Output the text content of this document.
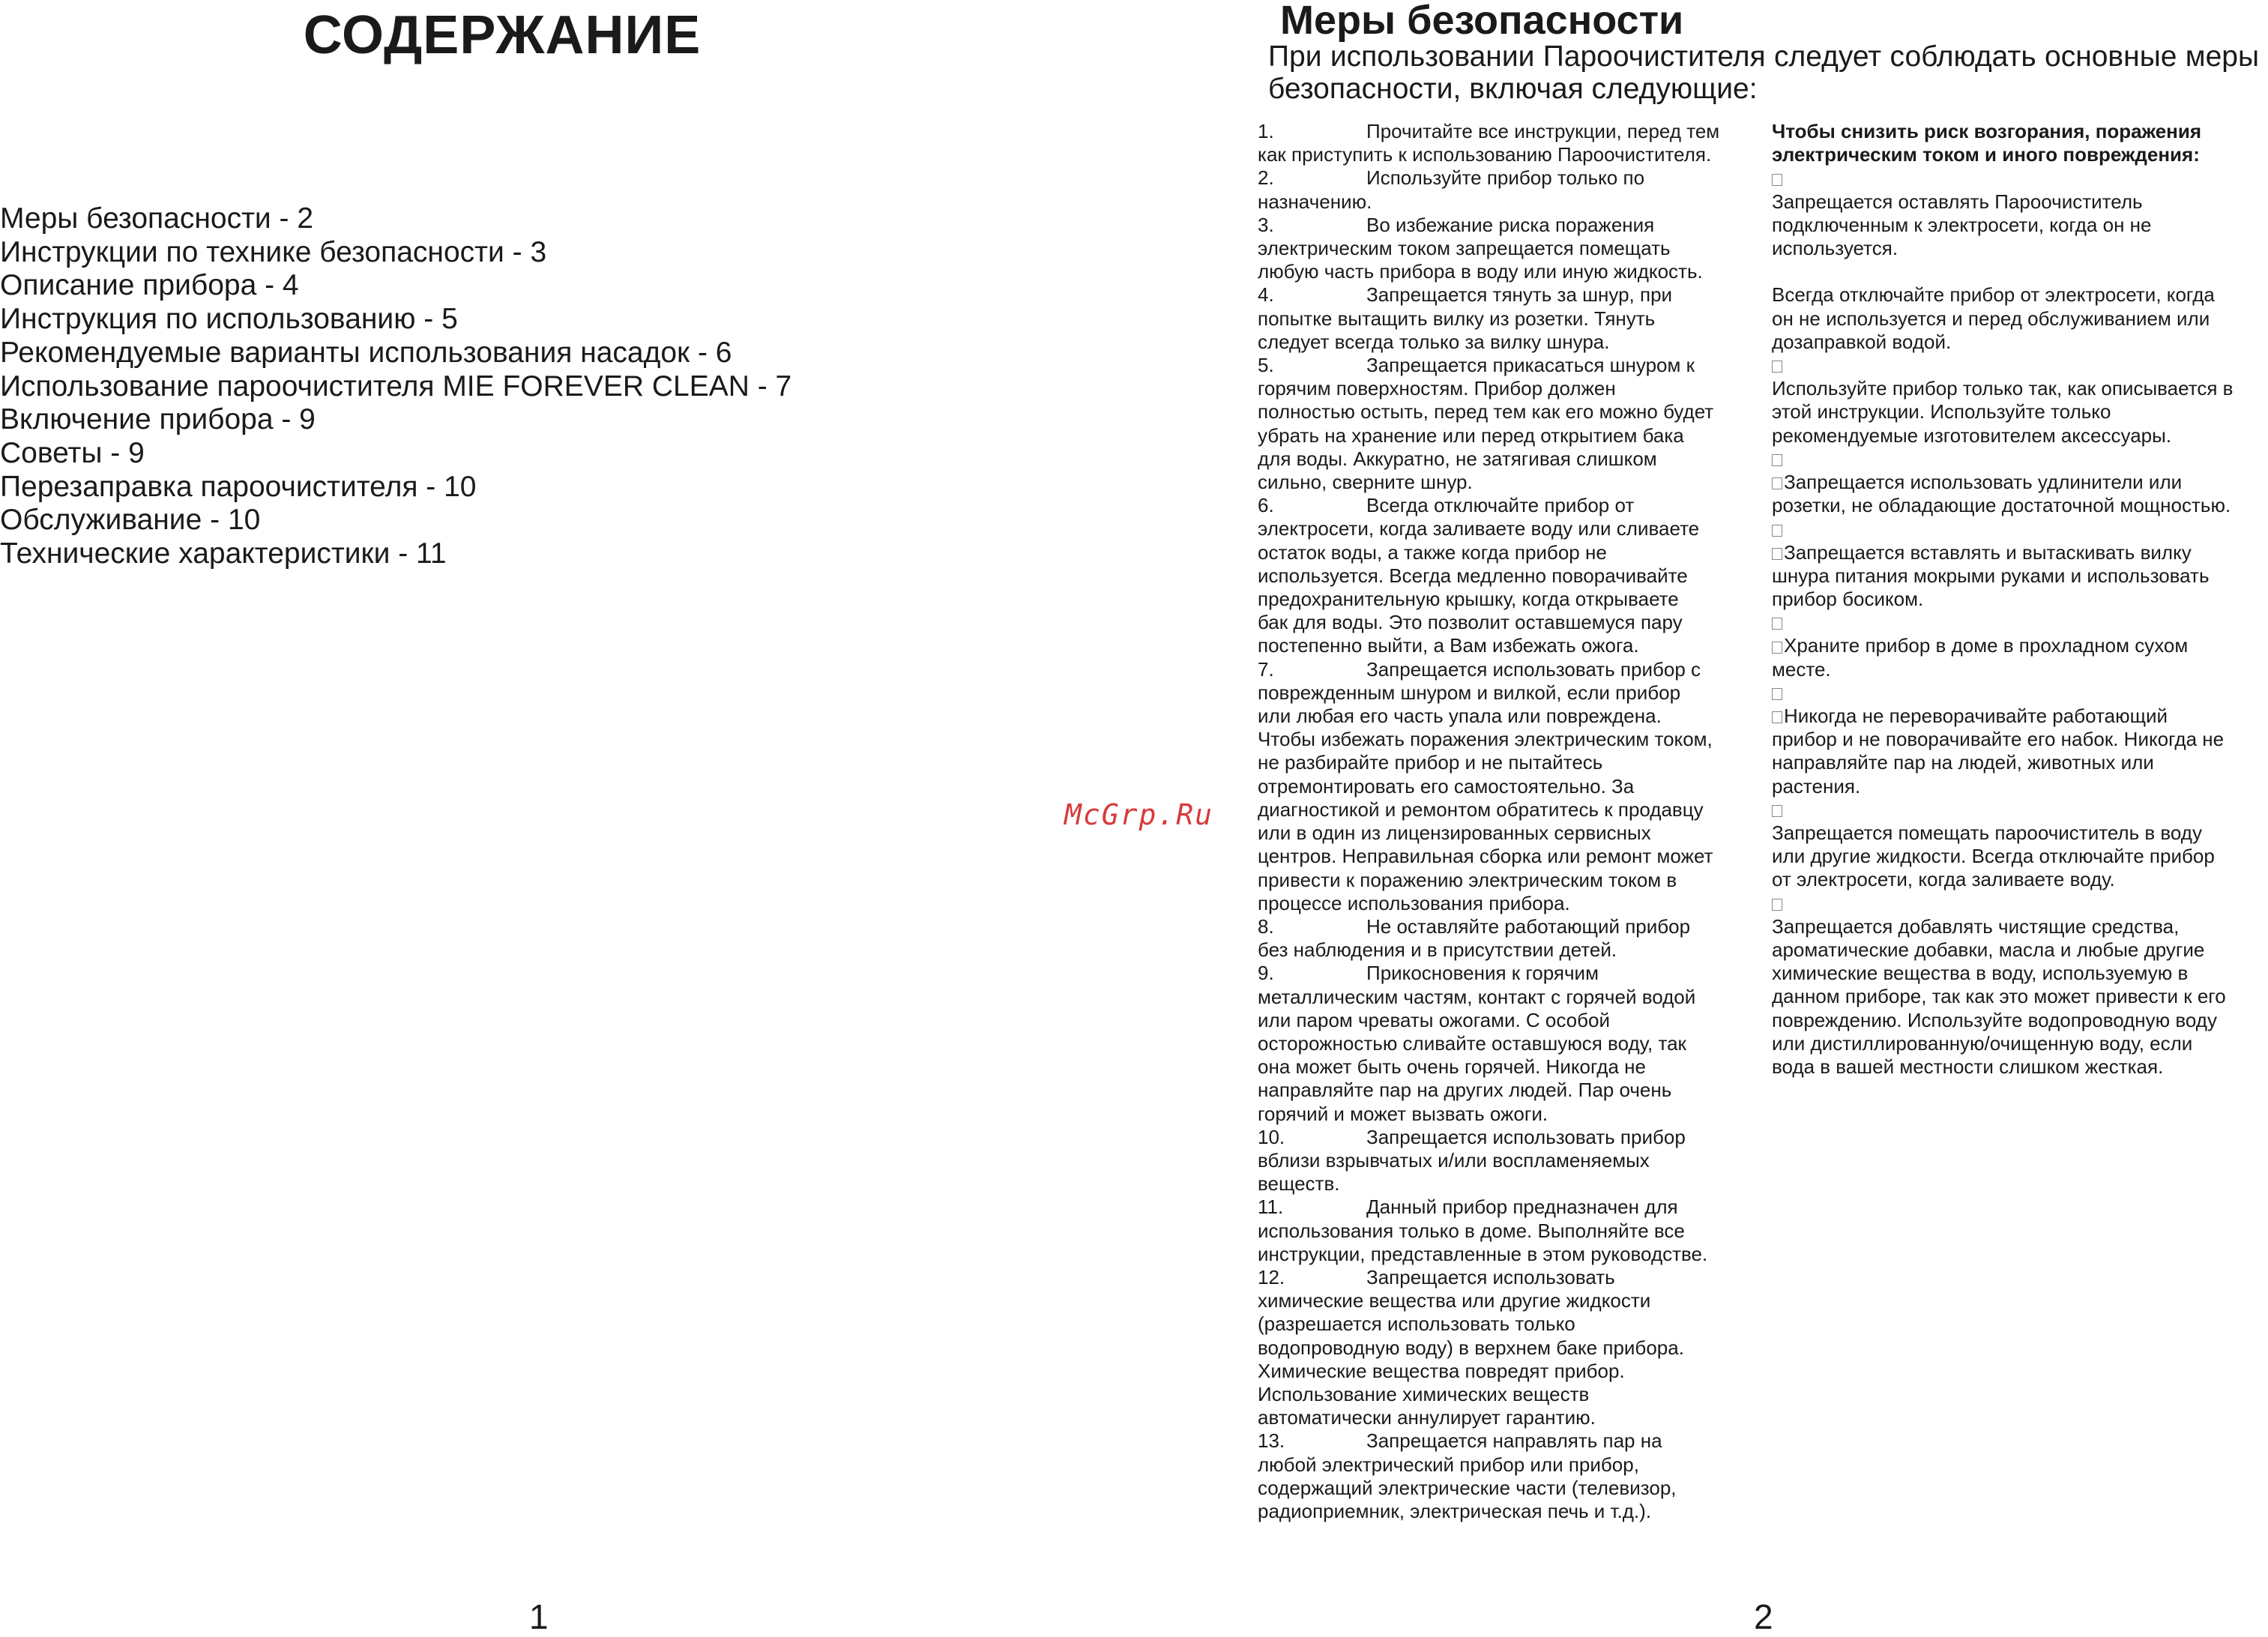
СОДЕРЖАНИЕ
Меры безопасности - 2
Инструкции по технике безопасности - 3
Описание прибора - 4
Инструкция по использованию - 5
Рекомендуемые варианты использования насадок - 6
Использование пароочистителя MIE FOREVER CLEAN - 7
Включение прибора - 9
Советы - 9
Перезаправка пароочистителя - 10
Обслуживание - 10
Технические характеристики - 11
1
McGrp.Ru
Меры безопасности

При использовании Пароочистителя следует соблюдать основные меры безопасности, включая следующие:

1.	Прочитайте все инструкции, перед тем
как приступить к использованию Пароочистителя.
2.	Используйте прибор только по
назначению.
3.	Во избежание риска поражения
электрическим током запрещается помещать
любую часть прибора в воду или иную жидкость.
4.	Запрещается тянуть за шнур, при
попытке вытащить вилку из розетки. Тянуть
следует всегда только за вилку шнура.
5.	Запрещается прикасаться шнуром к
горячим поверхностям. Прибор должен
полностью остыть, перед тем как его можно будет
убрать на хранение или перед открытием бака
для воды. Аккуратно, не затягивая слишком
сильно, сверните шнур.
6.	Всегда отключайте прибор от
электросети, когда заливаете воду или сливаете
остаток воды, а также когда прибор не
используется. Всегда медленно поворачивайте
предохранительную крышку, когда открываете
бак для воды. Это позволит оставшемуся пару
постепенно выйти, а Вам избежать ожога.
7.	Запрещается использовать прибор с
поврежденным шнуром и вилкой, если прибор
или любая его часть упала или повреждена.
Чтобы избежать поражения электрическим током,
не разбирайте прибор и не пытайтесь
отремонтировать его самостоятельно. За
диагностикой и ремонтом обратитесь к продавцу
или в один из лицензированных сервисных
центров. Неправильная сборка или ремонт может
привести к поражению электрическим током в
процессе использования прибора.
8.	Не оставляйте работающий прибор
без наблюдения и в присутствии детей.
9.	Прикосновения к горячим
металлическим частям, контакт с горячей водой
или паром чреваты ожогами. С особой
осторожностью сливайте оставшуюся воду, так
она может быть очень горячей. Никогда не
направляйте пар на других людей. Пар очень
горячий и может вызвать ожоги.
10.	Запрещается использовать прибор
вблизи взрывчатых и/или воспламеняемых
веществ.
11.	Данный прибор предназначен для
использования только в доме. Выполняйте все
инструкции, представленные в этом руководстве.
12.	Запрещается использовать
химические вещества или другие жидкости
(разрешается использовать только
водопроводную воду) в верхнем баке прибора.
Химические вещества повредят прибор.
Использование химических веществ
автоматически аннулирует гарантию.
13.	Запрещается направлять пар на
любой электрический прибор или прибор,
содержащий электрические части (телевизор,
радиоприемник, электрическая печь и т.д.).
Чтобы снизить риск возгорания, поражения
электрическим током и иного повреждения:
Запрещается оставлять Пароочиститель
подключенным к электросети, когда он не
используется.
Всегда отключайте прибор от электросети, когда
он не используется и перед обслуживанием или
дозаправкой водой.
Используйте прибор только так, как описывается в
этой инструкции. Используйте только
рекомендуемые изготовителем аксессуары.
Запрещается использовать удлинители или
розетки, не обладающие достаточной мощностью.
Запрещается вставлять и вытаскивать вилку
шнура питания мокрыми руками и использовать
прибор босиком.
Храните прибор в доме в прохладном сухом
месте.
Никогда не переворачивайте работающий
прибор и не поворачивайте его набок. Никогда не
направляйте пар на людей, животных или
растения.
Запрещается помещать пароочиститель в воду
или другие жидкости. Всегда отключайте прибор
от электросети, когда заливаете воду.
Запрещается добавлять чистящие средства,
ароматические добавки, масла и любые другие
химические вещества в воду, используемую в
данном приборе, так как это может привести к его
повреждению. Используйте водопроводную воду
или дистиллированную/очищенную воду, если
вода в вашей местности слишком жесткая.
2
